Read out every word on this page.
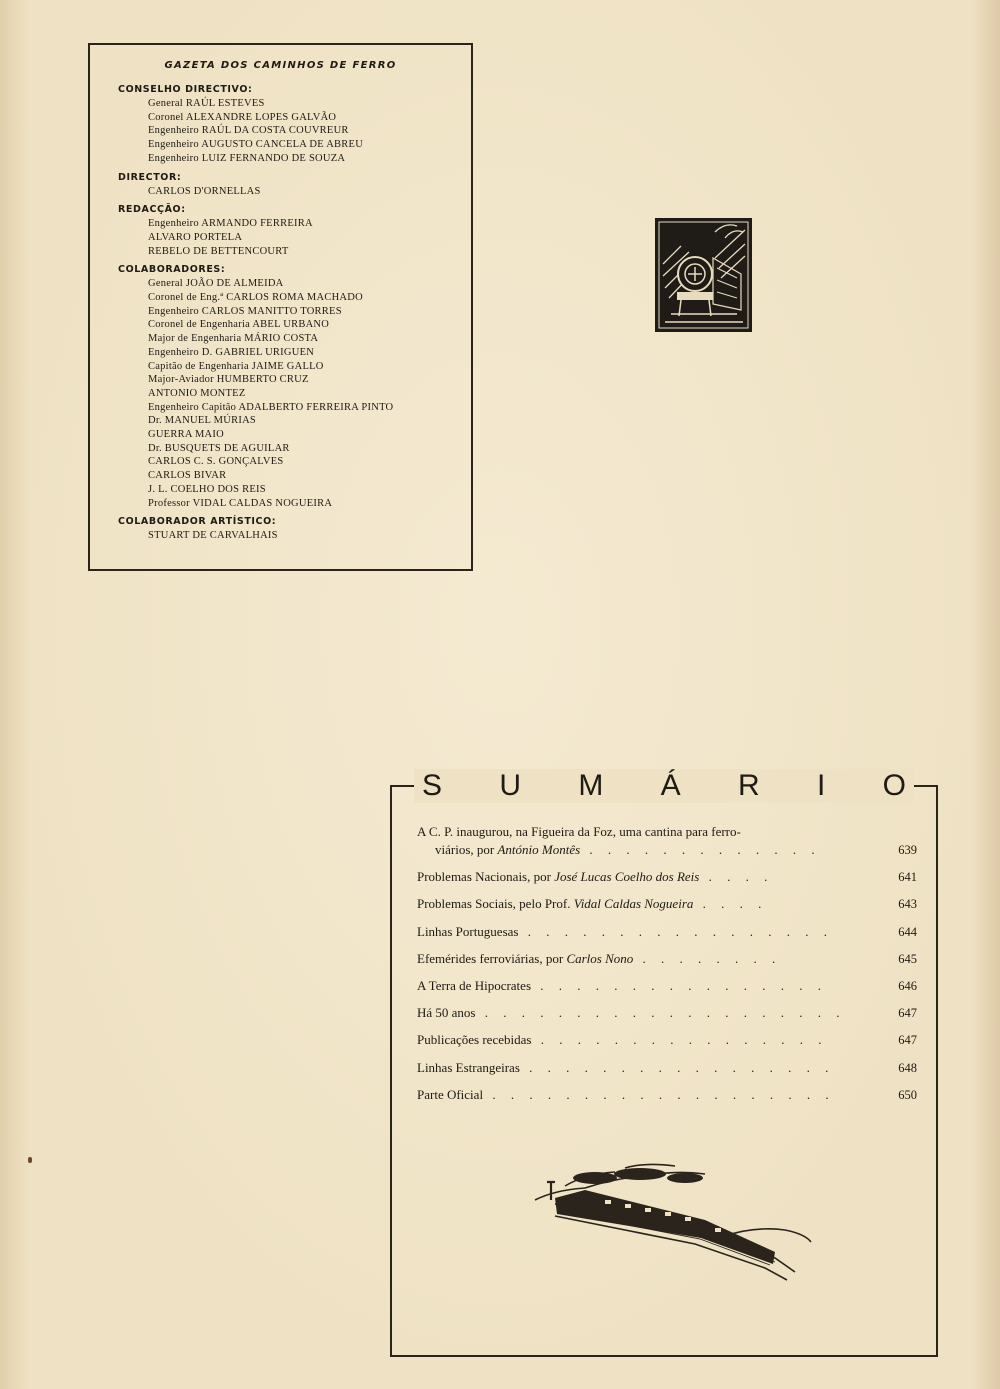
GAZETA DOS CAMINHOS DE FERRO
CONSELHO DIRECTIVO:
General RAÚL ESTEVES
Coronel ALEXANDRE LOPES GALVÃO
Engenheiro RAÚL DA COSTA COUVREUR
Engenheiro AUGUSTO CANCELA DE ABREU
Engenheiro LUIZ FERNANDO DE SOUZA
DIRECTOR:
CARLOS D'ORNELLAS
REDACÇÃO:
Engenheiro ARMANDO FERREIRA
ALVARO PORTELA
REBELO DE BETTENCOURT
COLABORADORES:
General JOÃO DE ALMEIDA
Coronel de Eng.ª CARLOS ROMA MACHADO
Engenheiro CARLOS MANITTO TORRES
Coronel de Engenharia ABEL URBANO
Major de Engenharia MÁRIO COSTA
Engenheiro D. GABRIEL URIGUEN
Capitão de Engenharia JAIME GALLO
Major-Aviador HUMBERTO CRUZ
ANTONIO MONTEZ
Engenheiro Capitão ADALBERTO FERREIRA PINTO
Dr. MANUEL MÚRIAS
GUERRA MAIO
Dr. BUSQUETS DE AGUILAR
CARLOS C. S. GONÇALVES
CARLOS BIVAR
J. L. COELHO DOS REIS
Professor VIDAL CALDAS NOGUEIRA
COLABORADOR ARTÍSTICO:
STUART DE CARVALHAIS
S U M Á R I O
A C. P. inaugurou, na Figueira da Foz, uma cantina para ferro-
viários, por António Montês . . . . . . . . . . . . .	639
Problemas Nacionais, por José Lucas Coelho dos Reis . . . .	641
Problemas Sociais, pelo Prof. Vidal Caldas Nogueira . . . .	643
Linhas Portuguesas . . . . . . . . . . . . . . . . .	644
Efemérides ferroviárias, por Carlos Nono . . . . . . . .	645
A Terra de Hipocrates . . . . . . . . . . . . . . . .	646
Há 50 anos . . . . . . . . . . . . . . . . . . . .	647
Publicações recebidas . . . . . . . . . . . . . . . .	647
Linhas Estrangeiras . . . . . . . . . . . . . . . . .	648
Parte Oficial . . . . . . . . . . . . . . . . . . .	650
